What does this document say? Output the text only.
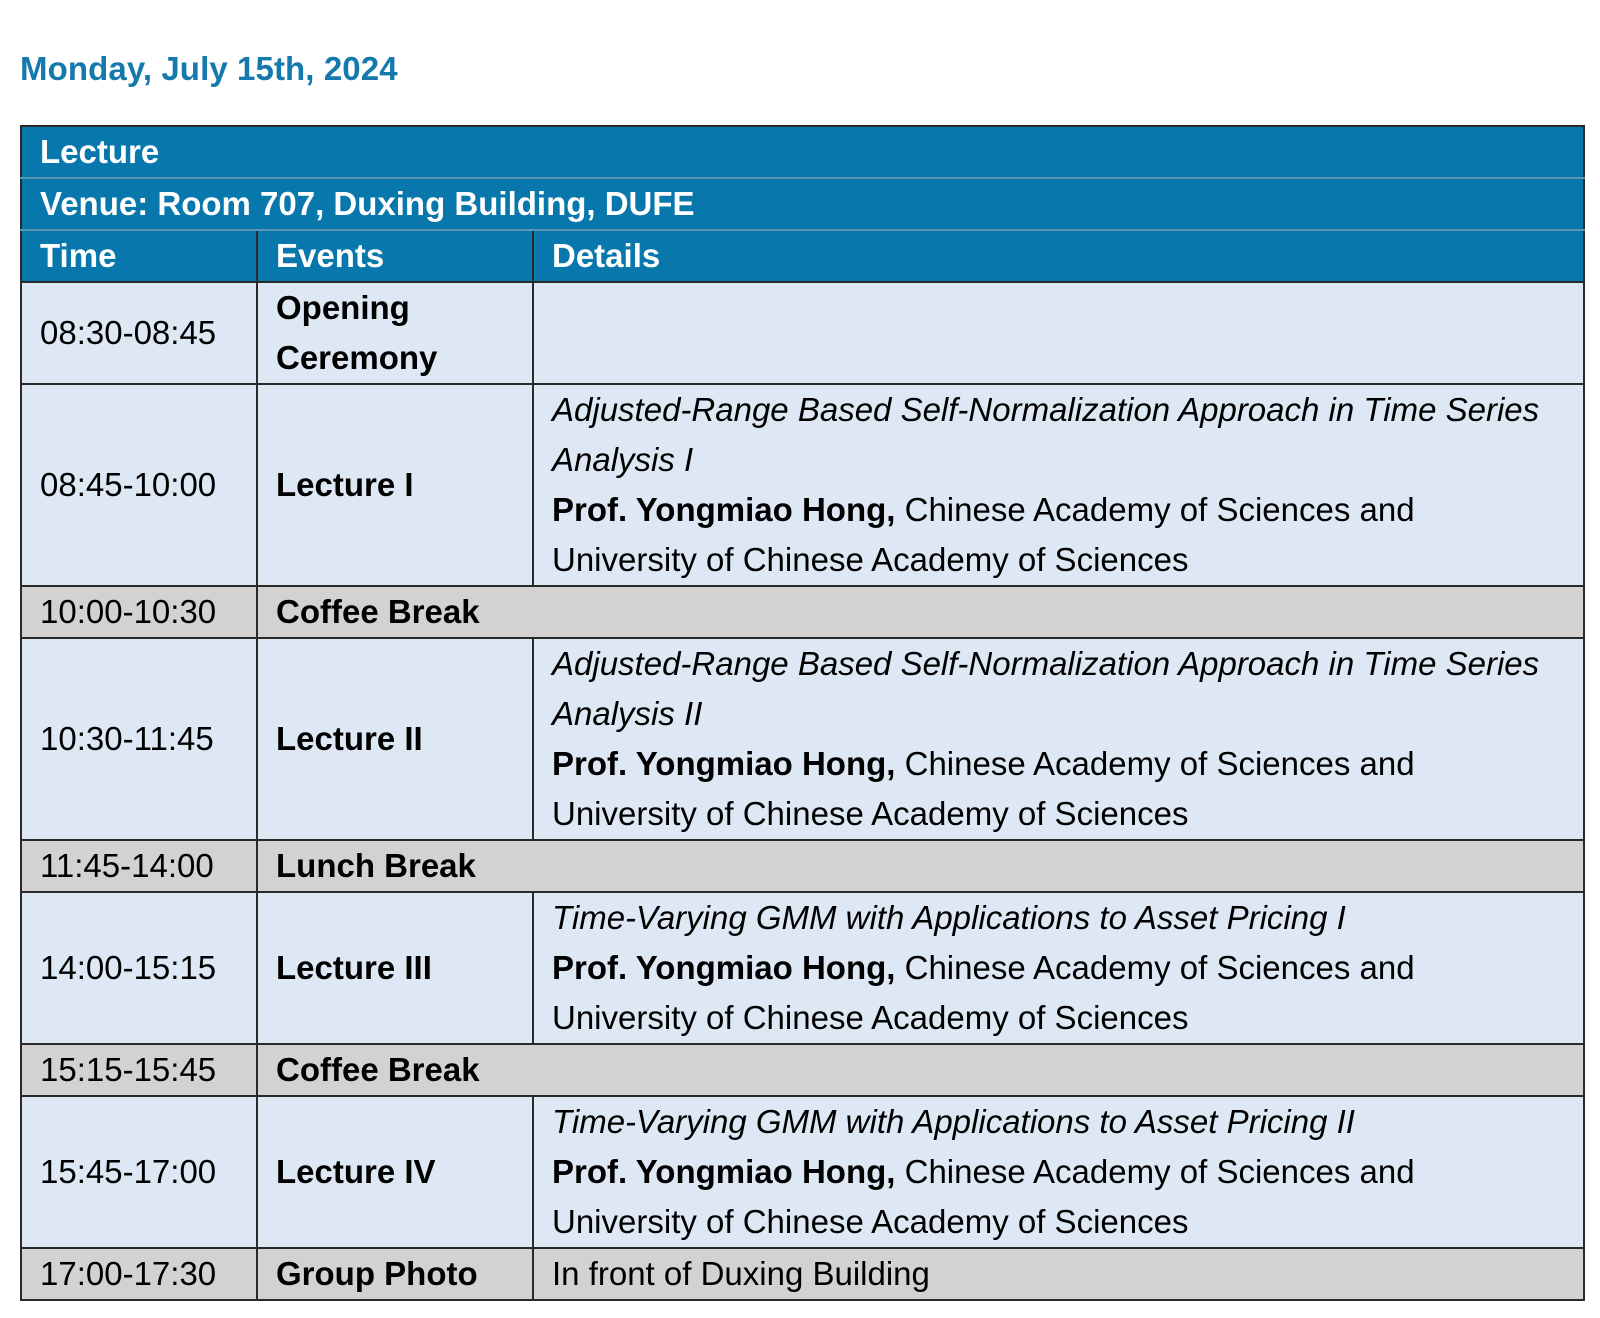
Monday, July 15th, 2024
Lecture		
Venue: Room 707, Duxing Building, DUFE		
Time	Events	Details
08:30-08:45	Opening Ceremony	
08:45-10:00	Lecture I	Adjusted-Range Based Self-Normalization Approach in Time Series Analysis I
Prof. Yongmiao Hong, Chinese Academy of Sciences and University of Chinese Academy of Sciences

10:00-10:30	Coffee Break	
10:30-11:45	Lecture II	Adjusted-Range Based Self-Normalization Approach in Time Series Analysis II
Prof. Yongmiao Hong, Chinese Academy of Sciences and University of Chinese Academy of Sciences

11:45-14:00	Lunch Break	
14:00-15:15	Lecture III	Time-Varying GMM with Applications to Asset Pricing I
Prof. Yongmiao Hong, Chinese Academy of Sciences and University of Chinese Academy of Sciences

15:15-15:45	Coffee Break	
15:45-17:00	Lecture IV	Time-Varying GMM with Applications to Asset Pricing II
Prof. Yongmiao Hong, Chinese Academy of Sciences and University of Chinese Academy of Sciences

17:00-17:30	Group Photo	In front of Duxing Building
